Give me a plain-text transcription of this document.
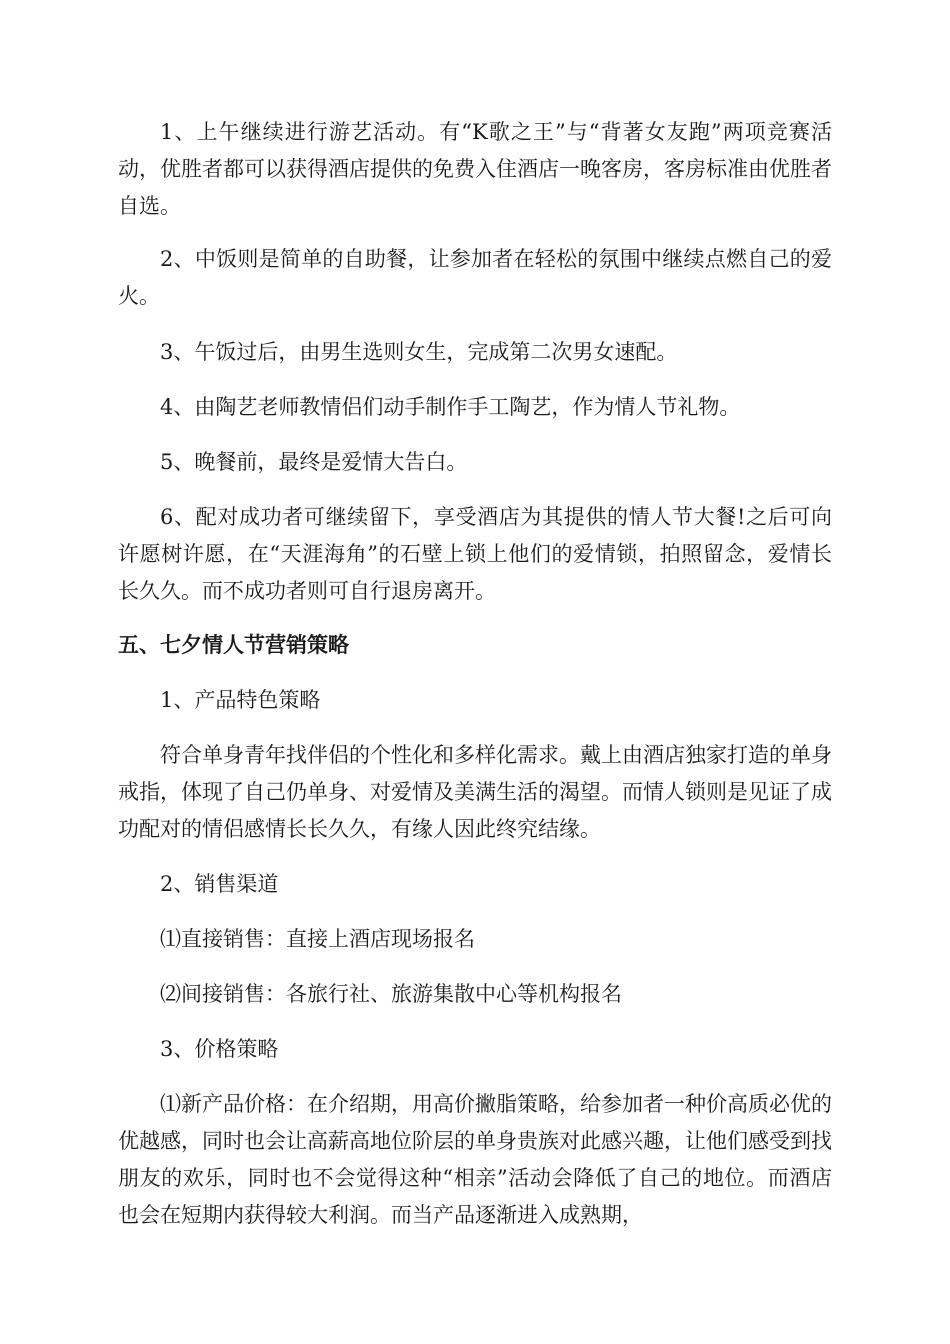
1、上午继续进行游艺活动。有“K歌之王”与“背著女友跑”两项竞赛活动，优胜者都可以获得酒店提供的免费入住酒店一晚客房，客房标准由优胜者自选。

2、中饭则是简单的自助餐，让参加者在轻松的氛围中继续点燃自己的爱火。

3、午饭过后，由男生选则女生，完成第二次男女速配。

4、由陶艺老师教情侣们动手制作手工陶艺，作为情人节礼物。

5、晚餐前，最终是爱情大告白。

6、配对成功者可继续留下，享受酒店为其提供的情人节大餐!之后可向许愿树许愿，在“天涯海角”的石壁上锁上他们的爱情锁，拍照留念，爱情长长久久。而不成功者则可自行退房离开。

五、七夕情人节营销策略

1、产品特色策略

符合单身青年找伴侣的个性化和多样化需求。戴上由酒店独家打造的单身戒指，体现了自己仍单身、对爱情及美满生活的渴望。而情人锁则是见证了成功配对的情侣感情长长久久，有缘人因此终究结缘。

2、销售渠道

⑴直接销售：直接上酒店现场报名

⑵间接销售：各旅行社、旅游集散中心等机构报名

3、价格策略

⑴新产品价格：在介绍期，用高价撇脂策略，给参加者一种价高质必优的优越感，同时也会让高薪高地位阶层的单身贵族对此感兴趣，让他们感受到找朋友的欢乐，同时也不会觉得这种“相亲”活动会降低了自己的地位。而酒店也会在短期内获得较大利润。而当产品逐渐进入成熟期，
